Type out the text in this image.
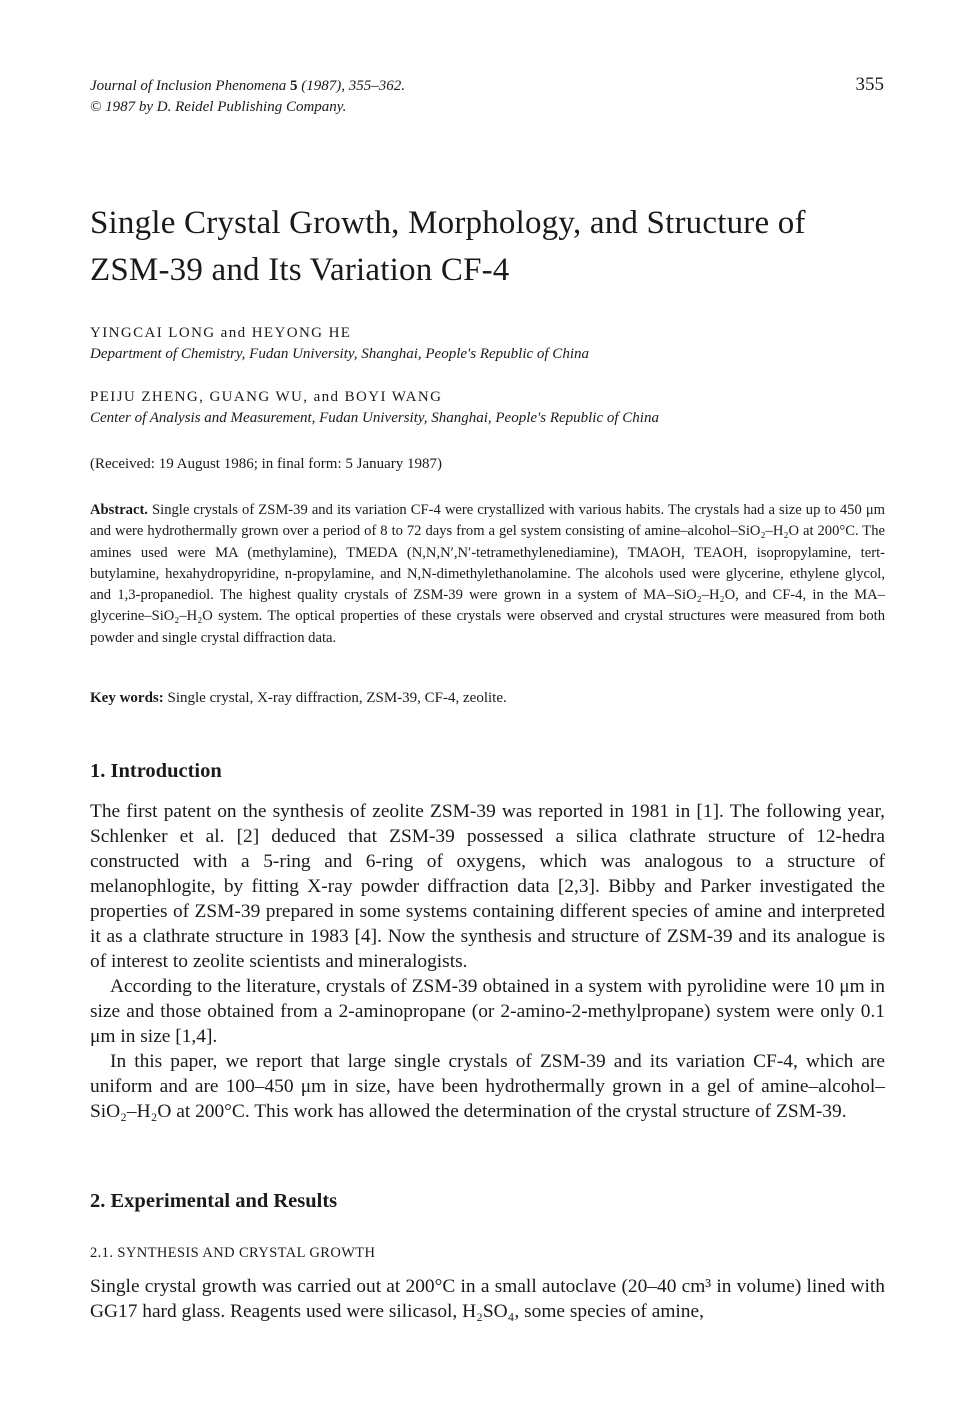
Journal of Inclusion Phenomena 5 (1987), 355–362.
© 1987 by D. Reidel Publishing Company.
355
Single Crystal Growth, Morphology, and Structure of ZSM-39 and Its Variation CF-4
YINGCAI LONG and HEYONG HE
Department of Chemistry, Fudan University, Shanghai, People's Republic of China
PEIJU ZHENG, GUANG WU, and BOYI WANG
Center of Analysis and Measurement, Fudan University, Shanghai, People's Republic of China
(Received: 19 August 1986; in final form: 5 January 1987)

Abstract. Single crystals of ZSM-39 and its variation CF-4 were crystallized with various habits. The crystals had a size up to 450 μm and were hydrothermally grown over a period of 8 to 72 days from a gel system consisting of amine–alcohol–SiO₂–H₂O at 200°C. The amines used were MA (methylamine), TMEDA (N,N,N′,N′-tetramethylenediamine), TMAOH, TEAOH, isopropylamine, tert-butylamine, hexahydropyridine, n-propylamine, and N,N-dimethylethanolamine. The alcohols used were glycerine, ethylene glycol, and 1,3-propanediol. The highest quality crystals of ZSM-39 were grown in a system of MA–SiO₂–H₂O, and CF-4, in the MA–glycerine–SiO₂–H₂O system. The optical properties of these crystals were observed and crystal structures were measured from both powder and single crystal diffraction data.

Key words: Single crystal, X-ray diffraction, ZSM-39, CF-4, zeolite.
1. Introduction

The first patent on the synthesis of zeolite ZSM-39 was reported in 1981 in [1]. The following year, Schlenker et al. [2] deduced that ZSM-39 possessed a silica clathrate structure of 12-hedra constructed with a 5-ring and 6-ring of oxygens, which was analogous to a structure of melanophlogite, by fitting X-ray powder diffraction data [2,3]. Bibby and Parker investigated the properties of ZSM-39 prepared in some systems containing different species of amine and interpreted it as a clathrate structure in 1983 [4]. Now the synthesis and structure of ZSM-39 and its analogue is of interest to zeolite scientists and mineralogists.

According to the literature, crystals of ZSM-39 obtained in a system with pyrolidine were 10 μm in size and those obtained from a 2-aminopropane (or 2-amino-2-methylpropane) system were only 0.1 μm in size [1,4].

In this paper, we report that large single crystals of ZSM-39 and its variation CF-4, which are uniform and are 100–450 μm in size, have been hydrothermally grown in a gel of amine–alcohol–SiO₂–H₂O at 200°C. This work has allowed the determination of the crystal structure of ZSM-39.

2. Experimental and Results
2.1. SYNTHESIS AND CRYSTAL GROWTH

Single crystal growth was carried out at 200°C in a small autoclave (20–40 cm³ in volume) lined with GG17 hard glass. Reagents used were silicasol, H₂SO₄, some species of amine,
